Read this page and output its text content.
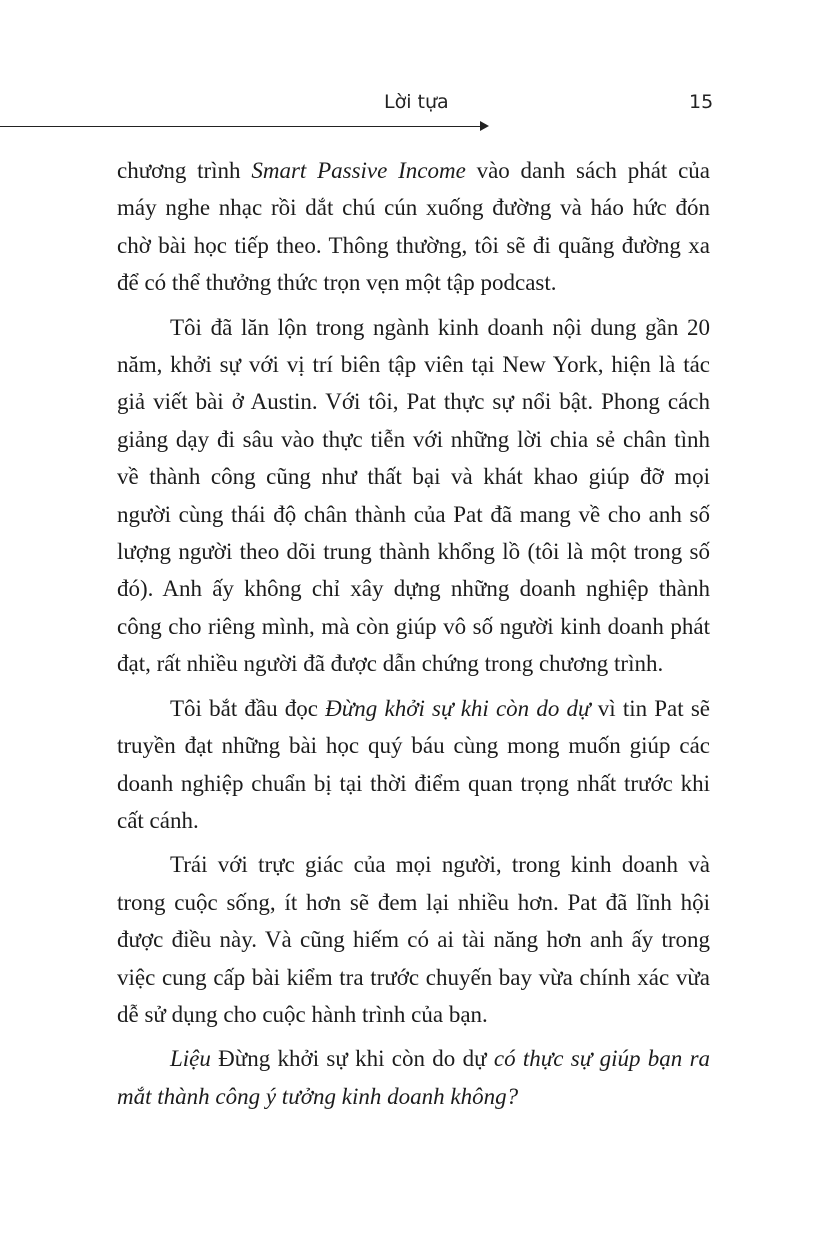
Lời tựa	15

chương trình Smart Passive Income vào danh sách phát của máy nghe nhạc rồi dắt chú cún xuống đường và háo hức đón chờ bài học tiếp theo. Thông thường, tôi sẽ đi quãng đường xa để có thể thưởng thức trọn vẹn một tập podcast.

Tôi đã lăn lộn trong ngành kinh doanh nội dung gần 20 năm, khởi sự với vị trí biên tập viên tại New York, hiện là tác giả viết bài ở Austin. Với tôi, Pat thực sự nổi bật. Phong cách giảng dạy đi sâu vào thực tiễn với những lời chia sẻ chân tình về thành công cũng như thất bại và khát khao giúp đỡ mọi người cùng thái độ chân thành của Pat đã mang về cho anh số lượng người theo dõi trung thành khổng lồ (tôi là một trong số đó). Anh ấy không chỉ xây dựng những doanh nghiệp thành công cho riêng mình, mà còn giúp vô số người kinh doanh phát đạt, rất nhiều người đã được dẫn chứng trong chương trình.

Tôi bắt đầu đọc Đừng khởi sự khi còn do dự vì tin Pat sẽ truyền đạt những bài học quý báu cùng mong muốn giúp các doanh nghiệp chuẩn bị tại thời điểm quan trọng nhất trước khi cất cánh.

Trái với trực giác của mọi người, trong kinh doanh và trong cuộc sống, ít hơn sẽ đem lại nhiều hơn. Pat đã lĩnh hội được điều này. Và cũng hiếm có ai tài năng hơn anh ấy trong việc cung cấp bài kiểm tra trước chuyến bay vừa chính xác vừa dễ sử dụng cho cuộc hành trình của bạn.

Liệu Đừng khởi sự khi còn do dự có thực sự giúp bạn ra mắt thành công ý tưởng kinh doanh không?
